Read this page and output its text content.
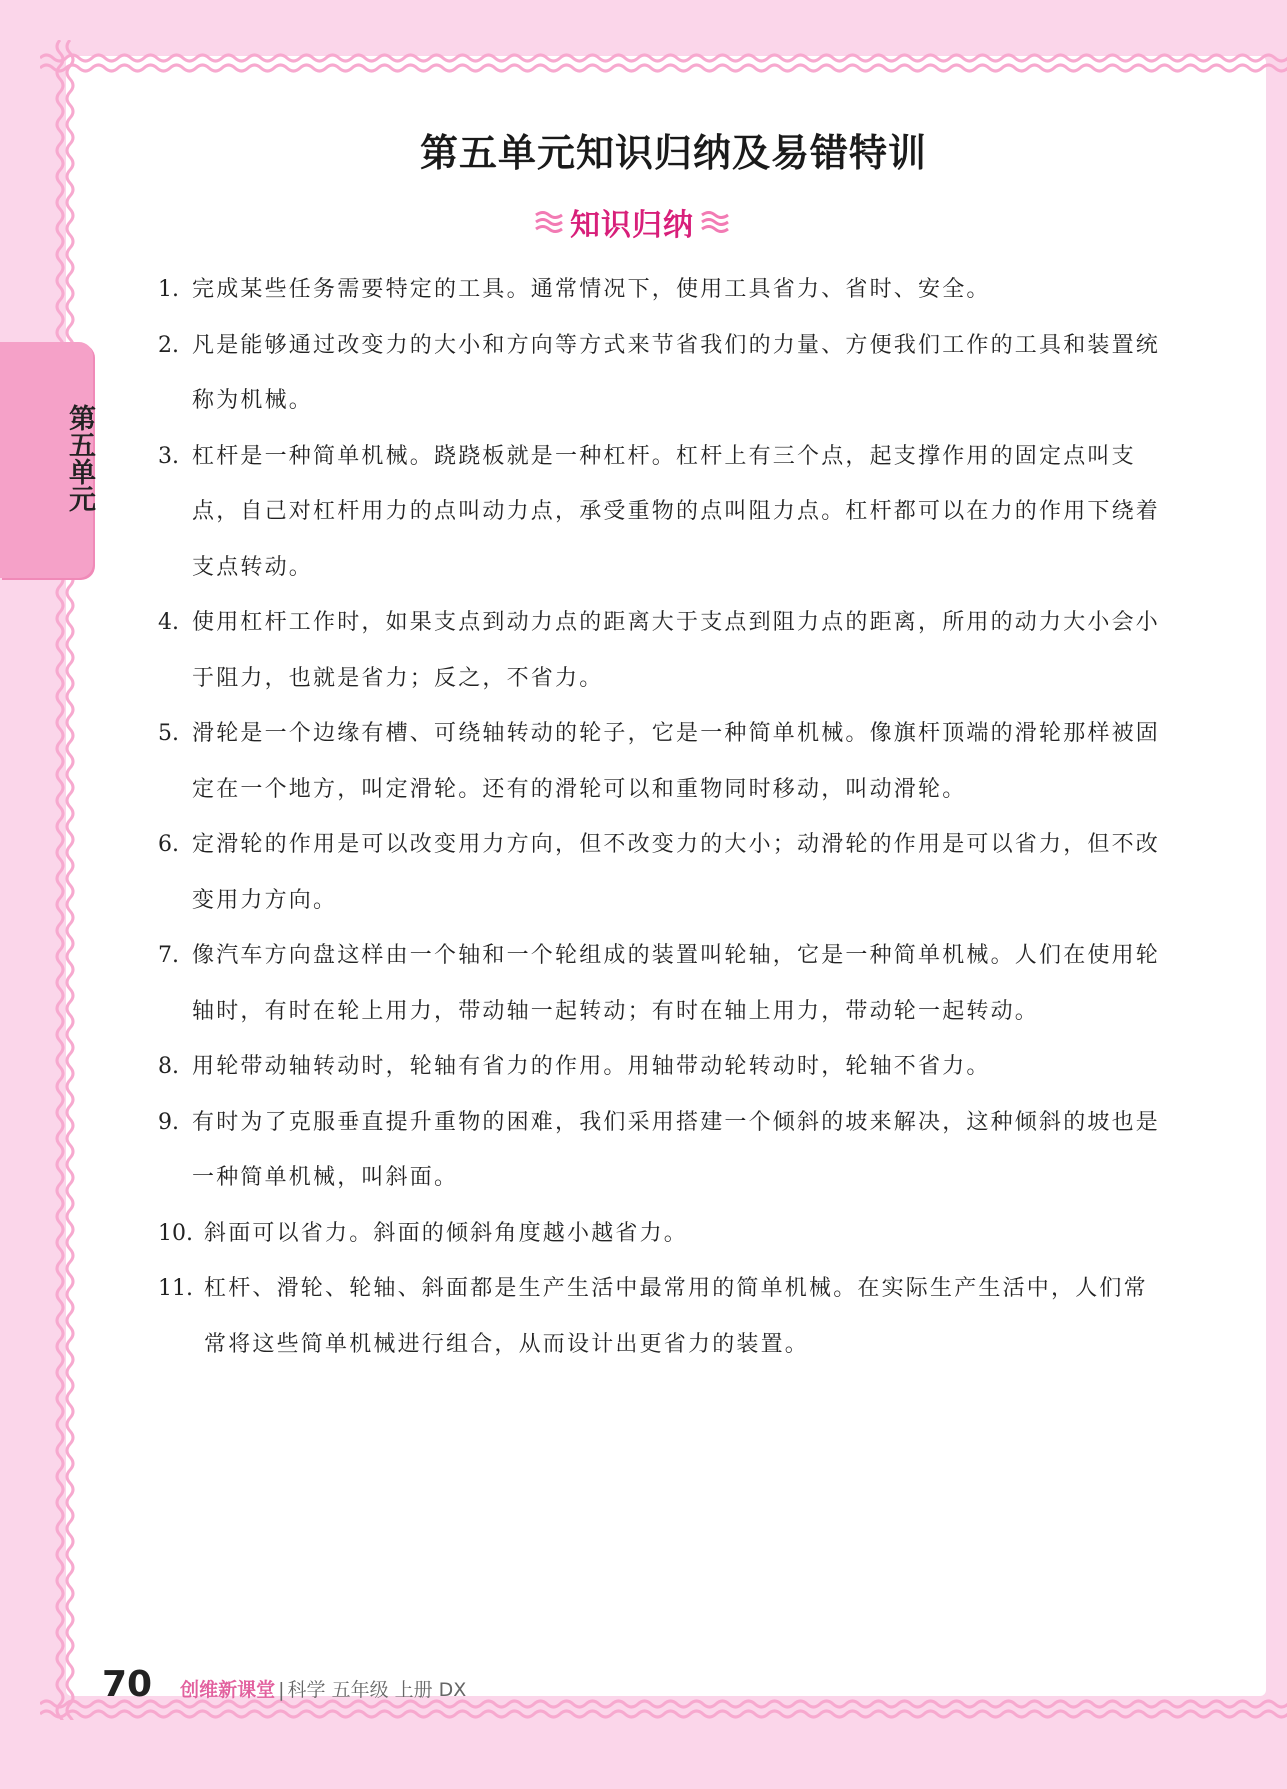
第五单元
第五单元知识归纳及易错特训
知识归纳
1. 完成某些任务需要特定的工具。通常情况下，使用工具省力、省时、安全。
2. 凡是能够通过改变力的大小和方向等方式来节省我们的力量、方便我们工作的工具和装置统称为机械。
3. 杠杆是一种简单机械。跷跷板就是一种杠杆。杠杆上有三个点，起支撑作用的固定点叫支点，自己对杠杆用力的点叫动力点，承受重物的点叫阻力点。杠杆都可以在力的作用下绕着支点转动。
4. 使用杠杆工作时，如果支点到动力点的距离大于支点到阻力点的距离，所用的动力大小会小于阻力，也就是省力；反之，不省力。
5. 滑轮是一个边缘有槽、可绕轴转动的轮子，它是一种简单机械。像旗杆顶端的滑轮那样被固定在一个地方，叫定滑轮。还有的滑轮可以和重物同时移动，叫动滑轮。
6. 定滑轮的作用是可以改变用力方向，但不改变力的大小；动滑轮的作用是可以省力，但不改变用力方向。
7. 像汽车方向盘这样由一个轴和一个轮组成的装置叫轮轴，它是一种简单机械。人们在使用轮轴时，有时在轮上用力，带动轴一起转动；有时在轴上用力，带动轮一起转动。
8. 用轮带动轴转动时，轮轴有省力的作用。用轴带动轮转动时，轮轴不省力。
9. 有时为了克服垂直提升重物的困难，我们采用搭建一个倾斜的坡来解决，这种倾斜的坡也是一种简单机械，叫斜面。
10. 斜面可以省力。斜面的倾斜角度越小越省力。
11. 杠杆、滑轮、轮轴、斜面都是生产生活中最常用的简单机械。在实际生产生活中，人们常常将这些简单机械进行组合，从而设计出更省力的装置。
70 创维新课堂 | 科学 五年级 上册 DX
